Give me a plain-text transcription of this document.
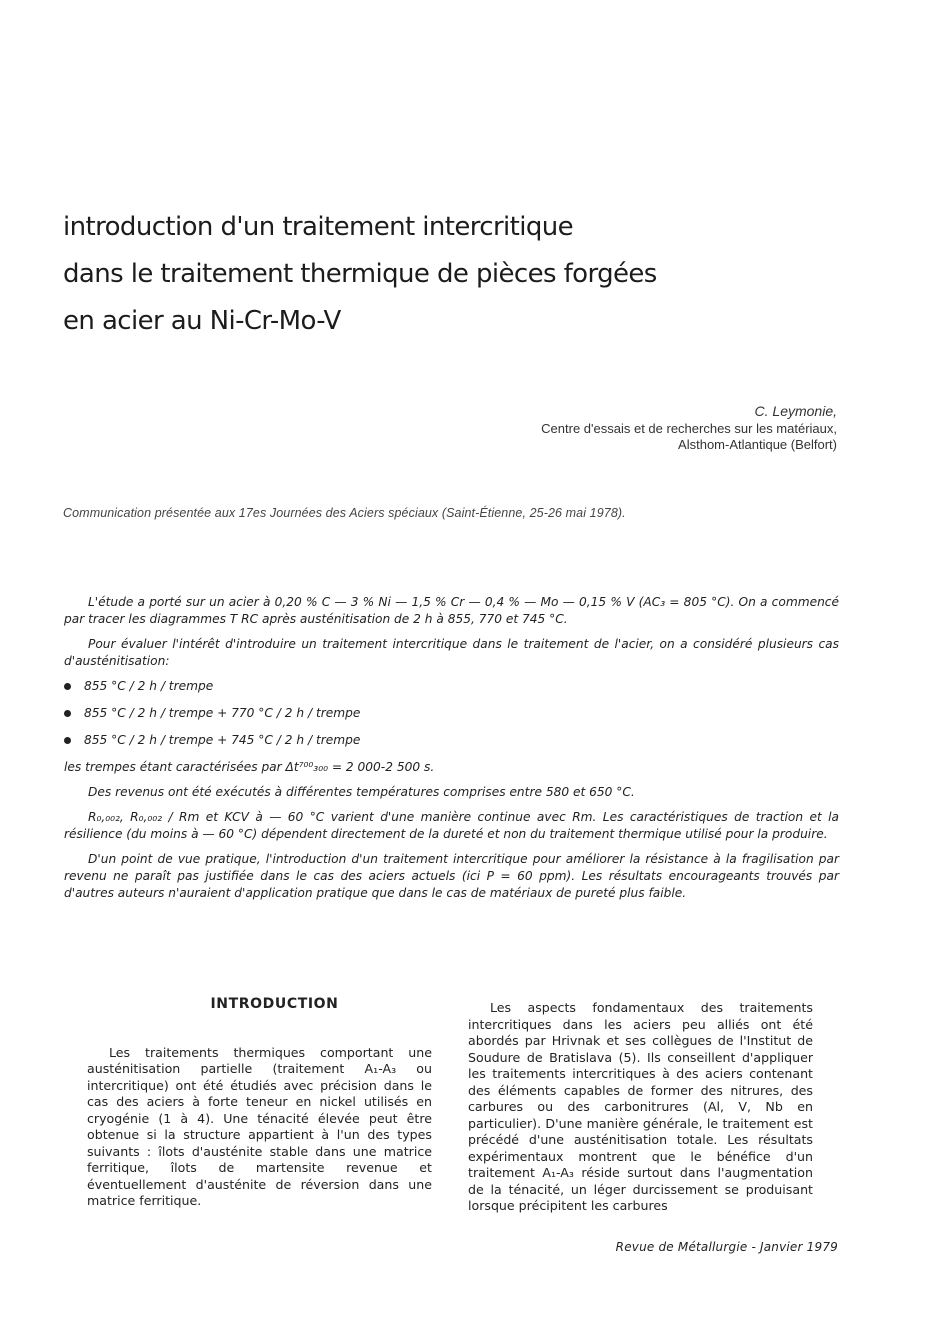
introduction d'un traitement intercritique
dans le traitement thermique de pièces forgées
en acier au Ni-Cr-Mo-V
C. Leymonie,
Centre d'essais et de recherches sur les matériaux,
Alsthom-Atlantique (Belfort)
Communication présentée aux 17es Journées des Aciers spéciaux (Saint-Étienne, 25-26 mai 1978).

L'étude a porté sur un acier à 0,20 % C — 3 % Ni — 1,5 % Cr — 0,4 % — Mo — 0,15 % V (AC₃ = 805 °C). On a commencé par tracer les diagrammes T RC après austénitisation de 2 h à 855, 770 et 745 °C.

Pour évaluer l'intérêt d'introduire un traitement intercritique dans le traitement de l'acier, on a considéré plusieurs cas d'austénitisation:

855 °C / 2 h / trempe
855 °C / 2 h / trempe + 770 °C / 2 h / trempe
855 °C / 2 h / trempe + 745 °C / 2 h / trempe

les trempes étant caractérisées par Δt⁷⁰⁰₃₀₀ = 2 000-2 500 s.

Des revenus ont été exécutés à différentes températures comprises entre 580 et 650 °C.

R₀,₀₀₂, R₀,₀₀₂ / Rm et KCV à — 60 °C varient d'une manière continue avec Rm. Les caractéristiques de traction et la résilience (du moins à — 60 °C) dépendent directement de la dureté et non du traitement thermique utilisé pour la produire.

D'un point de vue pratique, l'introduction d'un traitement intercritique pour améliorer la résistance à la fragilisation par revenu ne paraît pas justifiée dans le cas des aciers actuels (ici P = 60 ppm). Les résultats encourageants trouvés par d'autres auteurs n'auraient d'application pratique que dans le cas de matériaux de pureté plus faible.

INTRODUCTION

Les traitements thermiques comportant une austénitisation partielle (traitement A₁-A₃ ou intercritique) ont été étudiés avec précision dans le cas des aciers à forte teneur en nickel utilisés en cryogénie (1 à 4). Une ténacité élevée peut être obtenue si la structure appartient à l'un des types suivants : îlots d'austénite stable dans une matrice ferritique, îlots de martensite revenue et éventuellement d'austénite de réversion dans une matrice ferritique.

Les aspects fondamentaux des traitements intercritiques dans les aciers peu alliés ont été abordés par Hrivnak et ses collègues de l'Institut de Soudure de Bratislava (5). Ils conseillent d'appliquer les traitements intercritiques à des aciers contenant des éléments capables de former des nitrures, des carbures ou des carbonitrures (Al, V, Nb en particulier). D'une manière générale, le traitement est précédé d'une austénitisation totale. Les résultats expérimentaux montrent que le bénéfice d'un traitement A₁-A₃ réside surtout dans l'augmentation de la ténacité, un léger durcissement se produisant lorsque précipitent les carbures

Revue de Métallurgie - Janvier 1979
